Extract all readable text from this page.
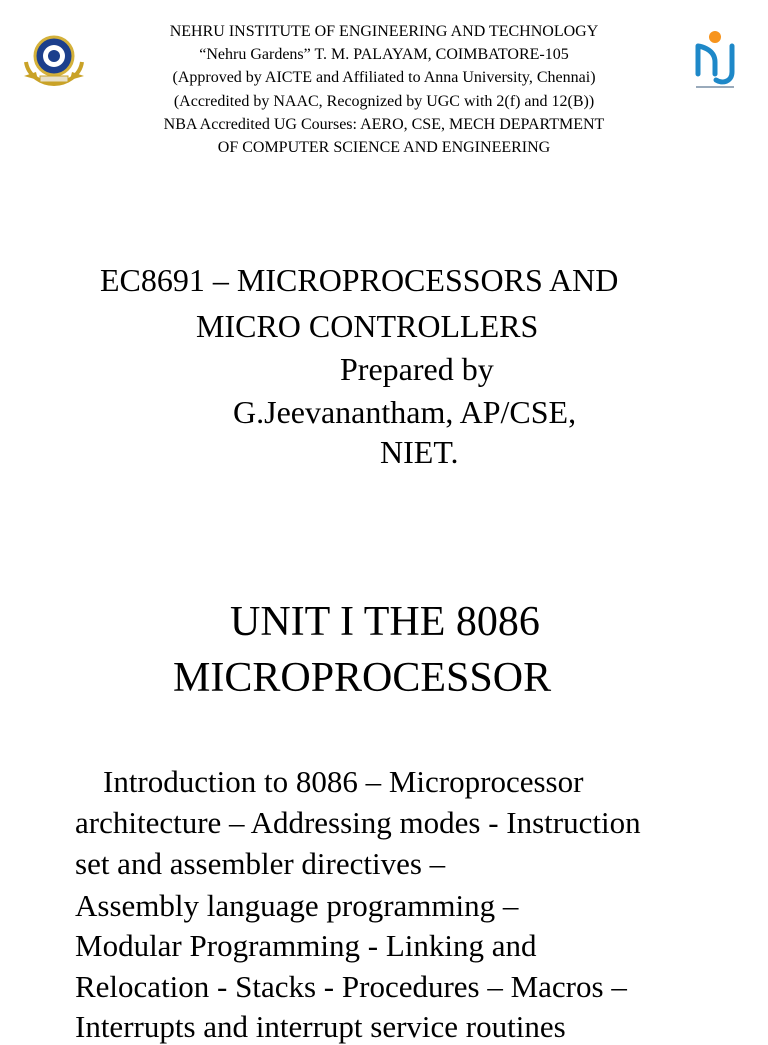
NEHRU INSTITUTE OF ENGINEERING AND TECHNOLOGY
“Nehru Gardens” T. M. PALAYAM, COIMBATORE-105
(Approved by AICTE and Affiliated to Anna University, Chennai)
(Accredited by NAAC, Recognized by UGC with 2(f) and 12(B))
NBA Accredited UG Courses: AERO, CSE, MECH DEPARTMENT
OF COMPUTER SCIENCE AND ENGINEERING
EC8691 – MICROPROCESSORS AND
MICRO CONTROLLERS
Prepared by
G.Jeevanantham, AP/CSE,
NIET.
UNIT I THE 8086
MICROPROCESSOR
Introduction to 8086 – Microprocessor
architecture – Addressing modes - Instruction
set and assembler directives –
Assembly language programming –
Modular Programming - Linking and
Relocation - Stacks - Procedures – Macros –
Interrupts and interrupt service routines
